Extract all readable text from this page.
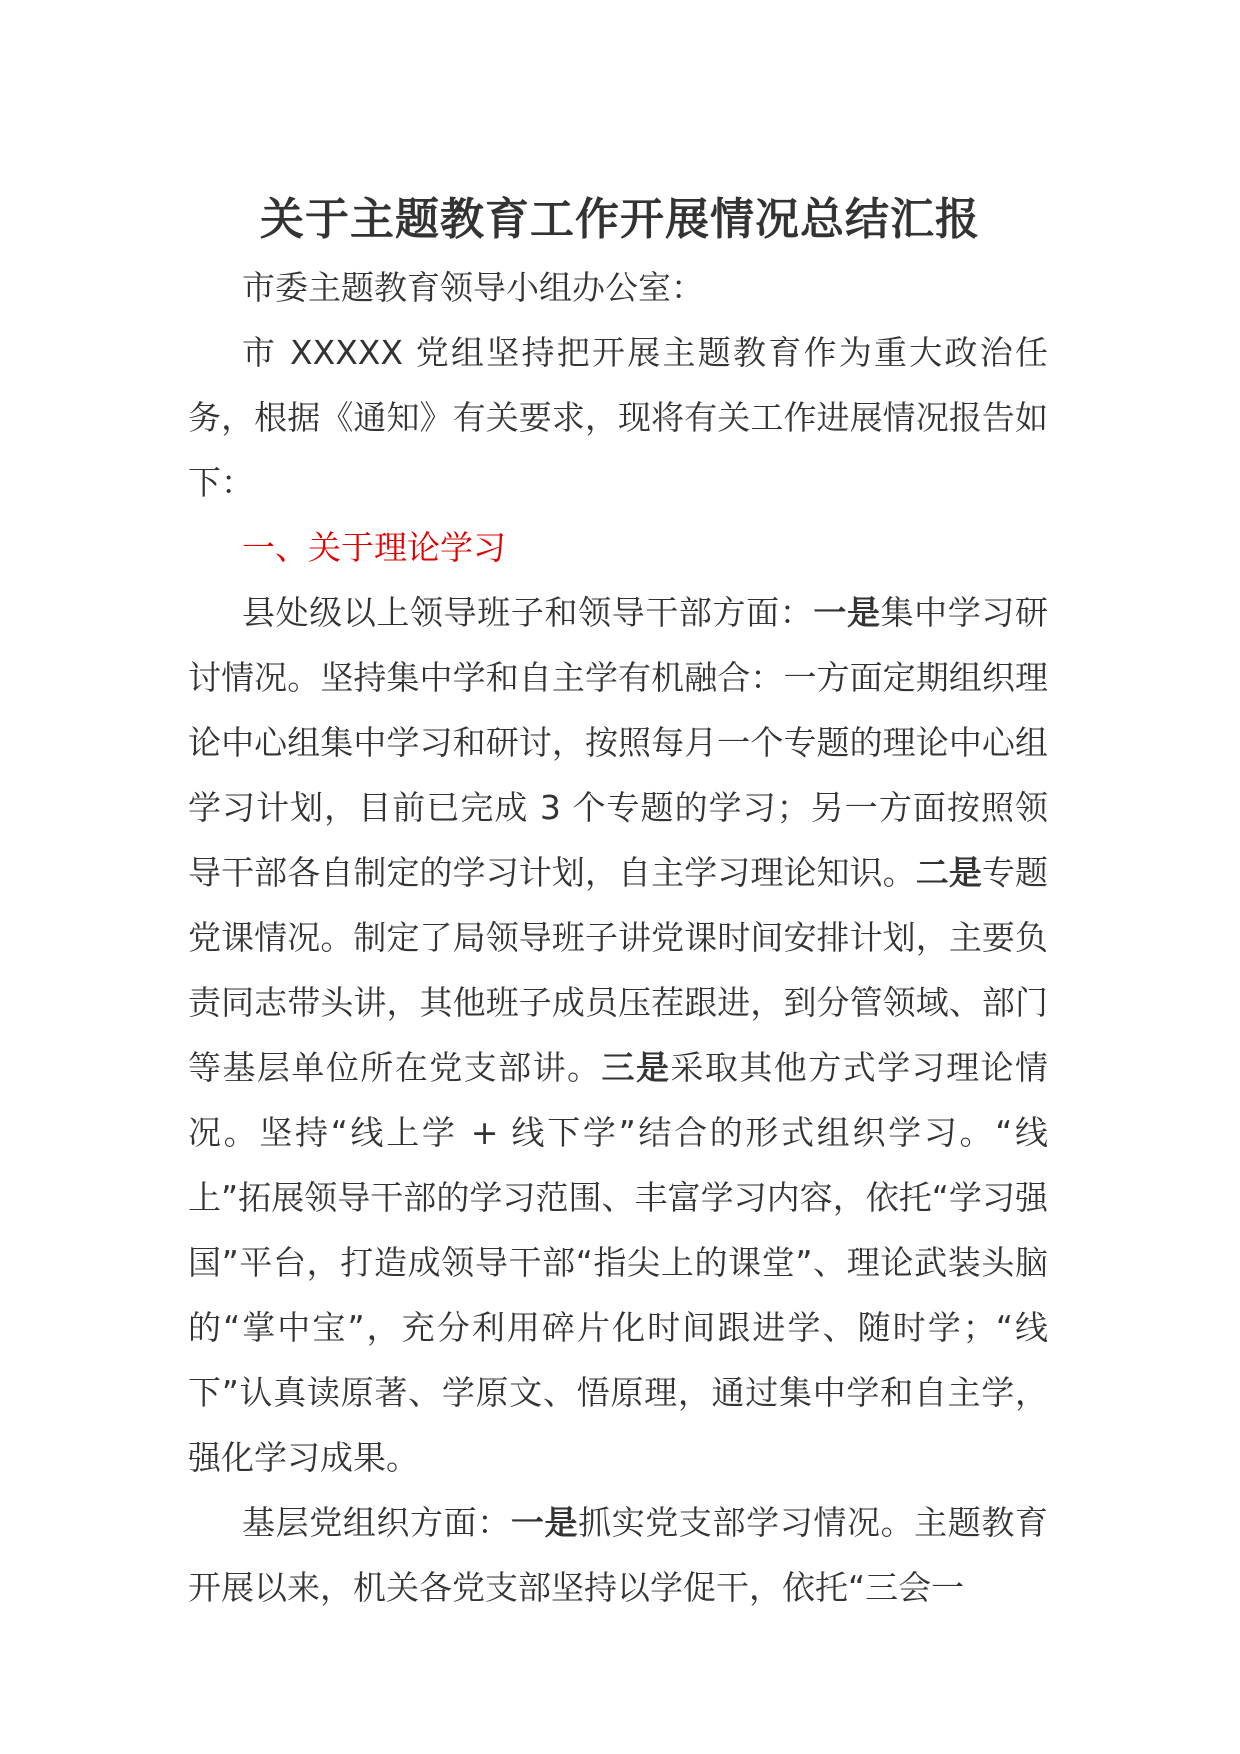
关于主题教育工作开展情况总结汇报

市委主题教育领导小组办公室：

市 XXXXX 党组坚持把开展主题教育作为重大政治任务，根据《通知》有关要求，现将有关工作进展情况报告如下：

一、关于理论学习

县处级以上领导班子和领导干部方面：一是集中学习研讨情况。坚持集中学和自主学有机融合：一方面定期组织理论中心组集中学习和研讨，按照每月一个专题的理论中心组学习计划，目前已完成 3 个专题的学习；另一方面按照领导干部各自制定的学习计划，自主学习理论知识。二是专题党课情况。制定了局领导班子讲党课时间安排计划，主要负责同志带头讲，其他班子成员压茬跟进，到分管领域、部门等基层单位所在党支部讲。三是采取其他方式学习理论情况。坚持“线上学 + 线下学”结合的形式组织学习。“线上”拓展领导干部的学习范围、丰富学习内容，依托“学习强国”平台，打造成领导干部“指尖上的课堂”、理论武装头脑的“掌中宝”，充分利用碎片化时间跟进学、随时学；“线下”认真读原著、学原文、悟原理，通过集中学和自主学，强化学习成果。

基层党组织方面：一是抓实党支部学习情况。主题教育开展以来，机关各党支部坚持以学促干，依托“三会一
